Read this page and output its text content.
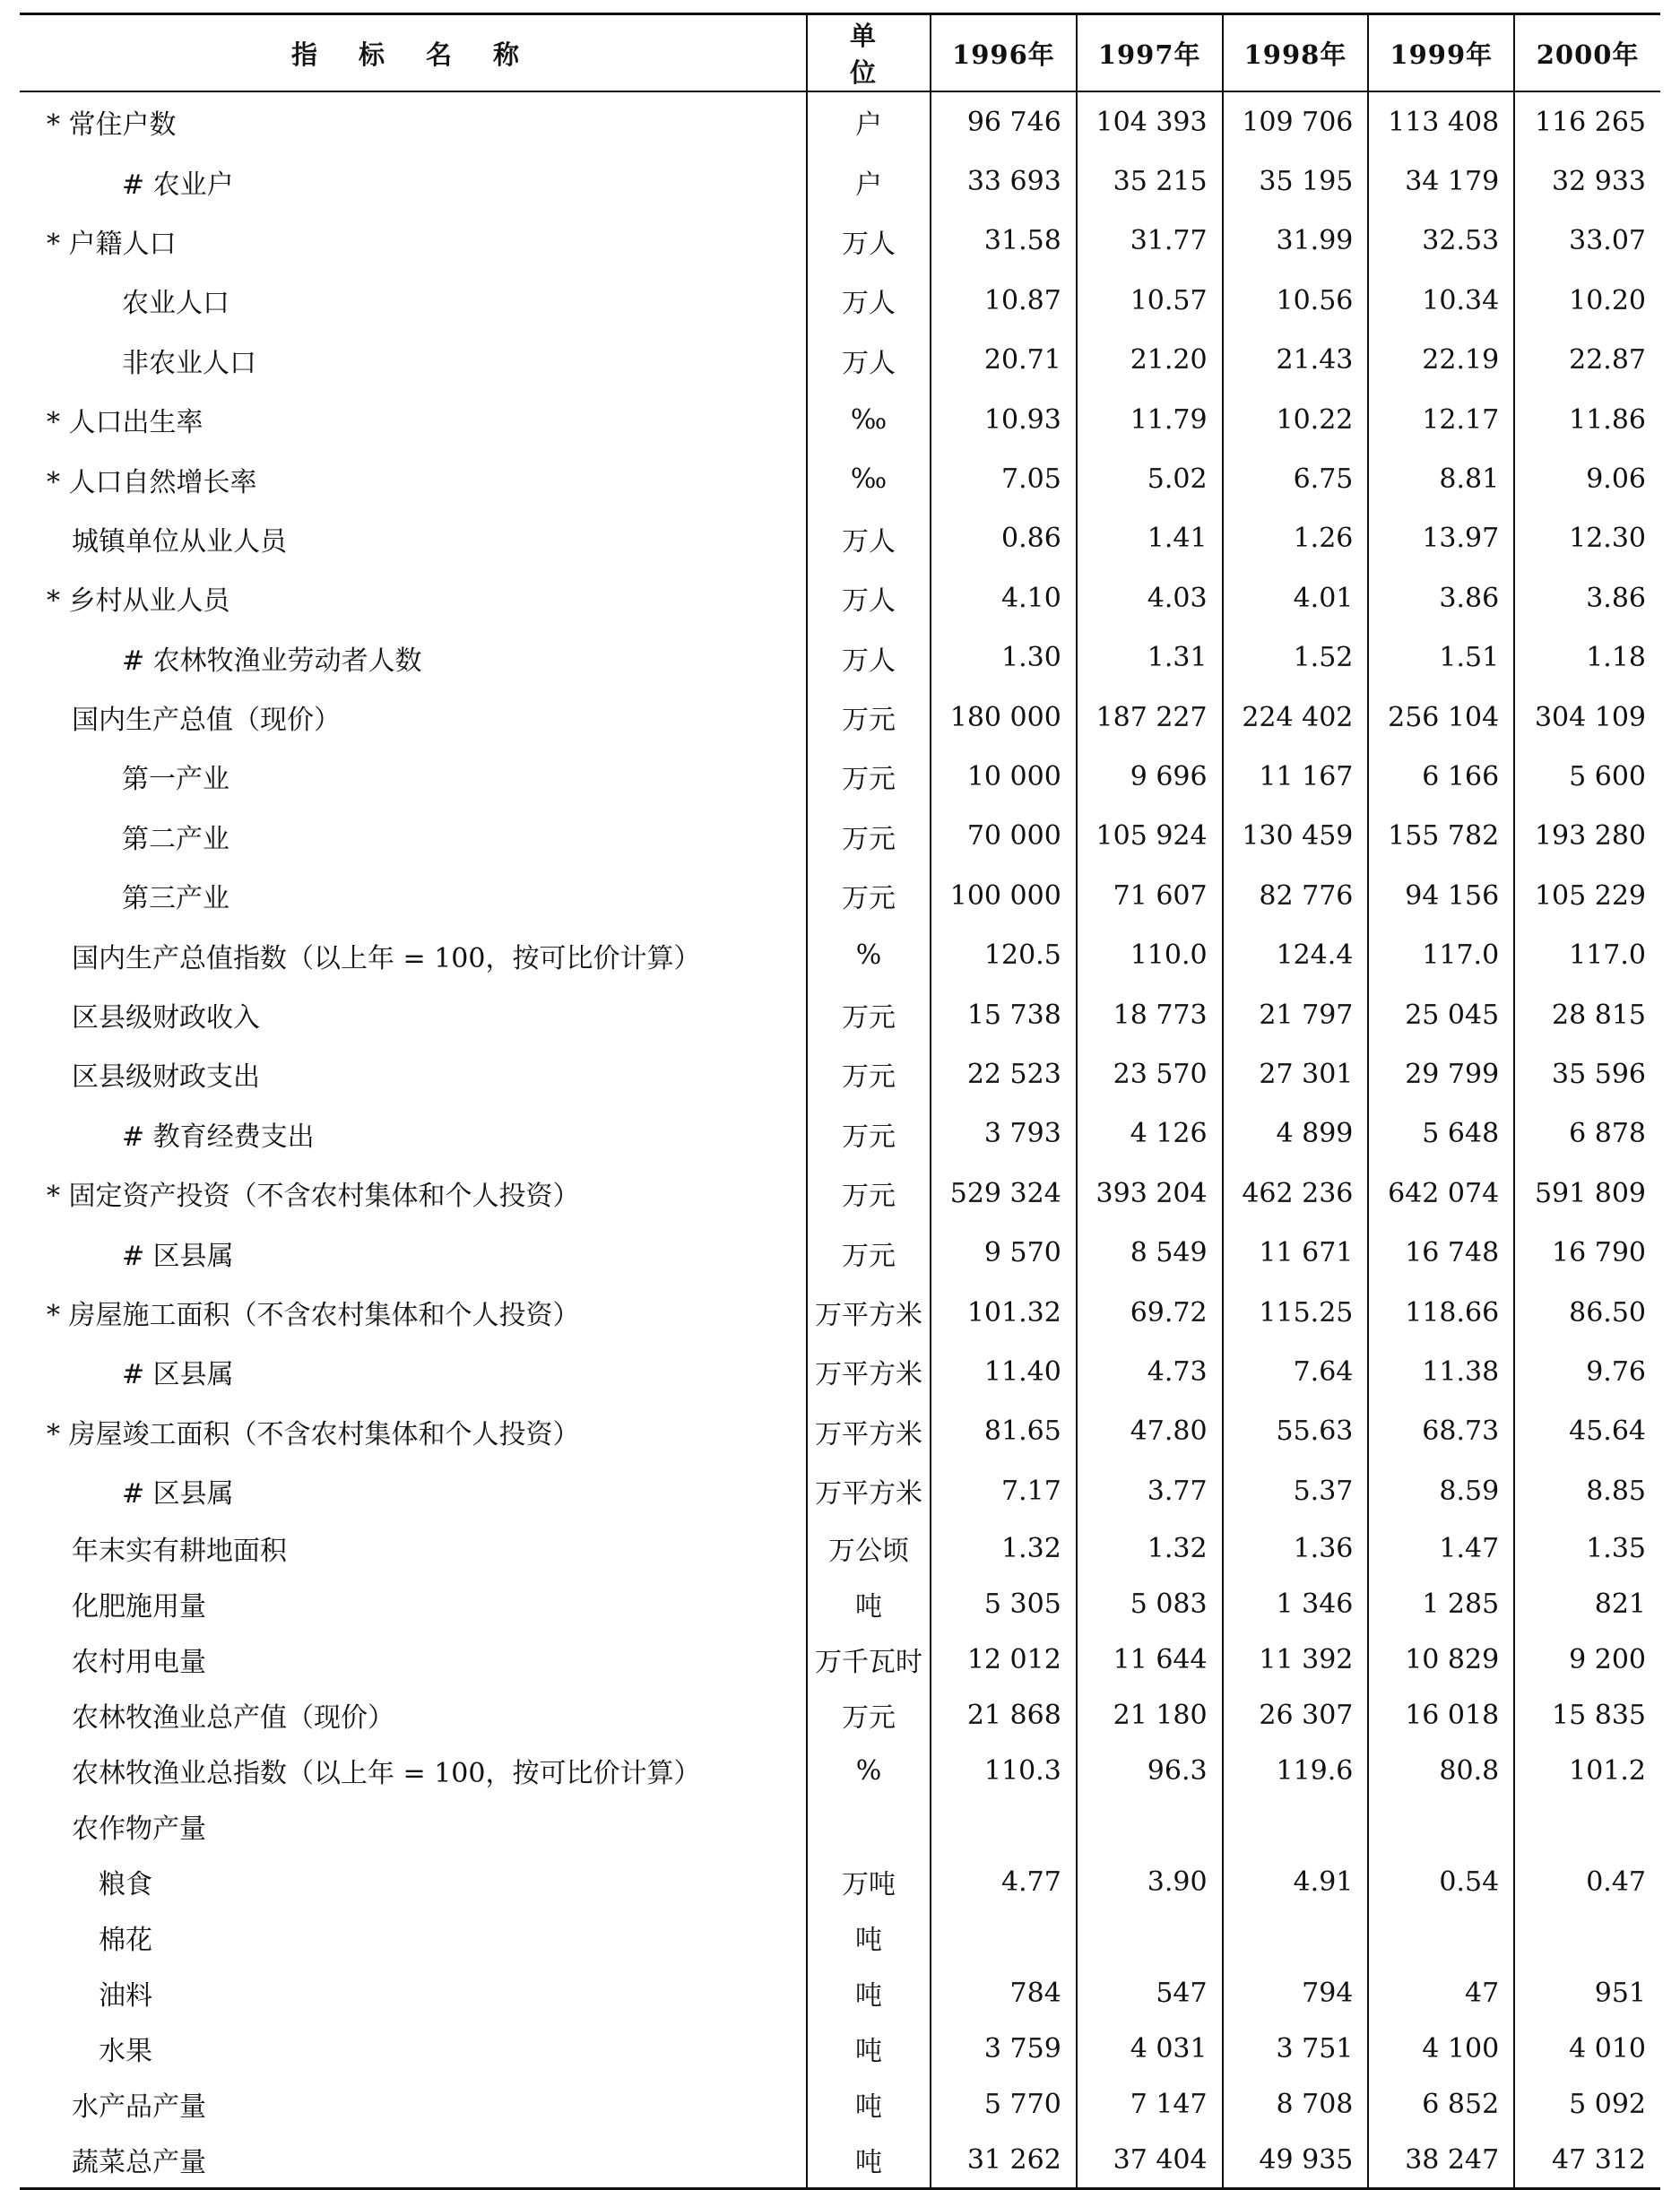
指标名称	单位	1996年	1997年	1998年	1999年	2000年
* 常住户数	户	96 746	104 393	109 706	113 408	116 265
# 农业户	户	33 693	35 215	35 195	34 179	32 933
* 户籍人口	万人	31.58	31.77	31.99	32.53	33.07
农业人口	万人	10.87	10.57	10.56	10.34	10.20
非农业人口	万人	20.71	21.20	21.43	22.19	22.87
* 人口出生率	‰	10.93	11.79	10.22	12.17	11.86
* 人口自然增长率	‰	7.05	5.02	6.75	8.81	9.06
城镇单位从业人员	万人	0.86	1.41	1.26	13.97	12.30
* 乡村从业人员	万人	4.10	4.03	4.01	3.86	3.86
# 农林牧渔业劳动者人数	万人	1.30	1.31	1.52	1.51	1.18
国内生产总值（现价）	万元	180 000	187 227	224 402	256 104	304 109
第一产业	万元	10 000	9 696	11 167	6 166	5 600
第二产业	万元	70 000	105 924	130 459	155 782	193 280
第三产业	万元	100 000	71 607	82 776	94 156	105 229
国内生产总值指数（以上年 = 100，按可比价计算）	%	120.5	110.0	124.4	117.0	117.0
区县级财政收入	万元	15 738	18 773	21 797	25 045	28 815
区县级财政支出	万元	22 523	23 570	27 301	29 799	35 596
# 教育经费支出	万元	3 793	4 126	4 899	5 648	6 878
* 固定资产投资（不含农村集体和个人投资）	万元	529 324	393 204	462 236	642 074	591 809
# 区县属	万元	9 570	8 549	11 671	16 748	16 790
* 房屋施工面积（不含农村集体和个人投资）	万平方米	101.32	69.72	115.25	118.66	86.50
# 区县属	万平方米	11.40	4.73	7.64	11.38	9.76
* 房屋竣工面积（不含农村集体和个人投资）	万平方米	81.65	47.80	55.63	68.73	45.64
# 区县属	万平方米	7.17	3.77	5.37	8.59	8.85
年末实有耕地面积	万公顷	1.32	1.32	1.36	1.47	1.35
化肥施用量	吨	5 305	5 083	1 346	1 285	821
农村用电量	万千瓦时	12 012	11 644	11 392	10 829	9 200
农林牧渔业总产值（现价）	万元	21 868	21 180	26 307	16 018	15 835
农林牧渔业总指数（以上年 = 100，按可比价计算）	%	110.3	96.3	119.6	80.8	101.2
农作物产量						
粮食	万吨	4.77	3.90	4.91	0.54	0.47
棉花	吨					
油料	吨	784	547	794	47	951
水果	吨	3 759	4 031	3 751	4 100	4 010
水产品产量	吨	5 770	7 147	8 708	6 852	5 092
蔬菜总产量	吨	31 262	37 404	49 935	38 247	47 312
